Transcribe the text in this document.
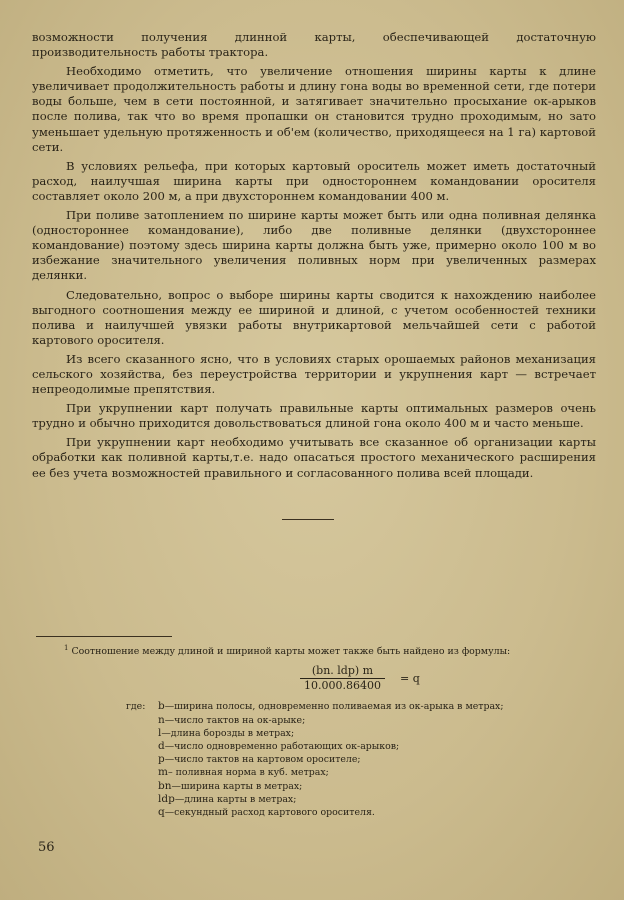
возможности получения длинной карты, обеспечивающей достаточную производительность работы трактора.

Необходимо отметить, что увеличение отношения ширины карты к длине увеличивает продолжительность работы и длину гона воды во временной сети, где потери воды больше, чем в сети постоянной, и затягивает значительно просыхание ок-арыков после полива, так что во время пропашки он становится трудно проходимым, но зато уменьшает удельную протяженность и об'ем (количество, приходящееся на 1 га) картовой сети.

В условиях рельефа, при которых картовый ороситель может иметь достаточный расход, наилучшая ширина карты при одностороннем командовании оросителя составляет около 200 м, а при двухстороннем командовании 400 м.

При поливе затоплением по ширине карты может быть или одна поливная делянка (одностороннее командование), либо две поливные делянки (двухстороннее командование) поэтому здесь ширина карты должна быть уже, примерно около 100 м во избежание значительного увеличения поливных норм при увеличенных размерах делянки.

Следовательно, вопрос о выборе ширины карты сводится к нахождению наиболее выгодного соотношения между ее шириной и длиной, с учетом особенностей техники полива и наилучшей увязки работы внутрикартовой мельчайшей сети с работой картового оросителя.

Из всего сказанного ясно, что в условиях старых орошаемых районов механизация сельского хозяйства, без переустройства территории и укрупнения карт — встречает непреодолимые препятствия.

При укрупнении карт получать правильные карты оптимальных размеров очень трудно и обычно приходится довольствоваться длиной гона около 400 м и часто меньше.

При укрупнении карт необходимо учитывать все сказанное об организации карты обработки как поливной карты,т.е. надо опасаться простого механического расширения ее без учета возможностей правильного и согласованного полива всей площади.

$^1$ Соотношение между длиной и шириной карты может также быть найдено из формулы:

(bn. ldp) m
10.000.86400
= q
где: b—ширина полосы, одновременно поливаемая из ок-арыка в метрах;
n—число тактов на ок-арыке;
l—длина борозды в метрах;
d—число одновременно работающих ок-арыков;
p—число тактов на картовом оросителе;
m– поливная норма в куб. метрах;
bn—ширина карты в метрах;
ldp—длина карты в метрах;
q—секундный расход картового оросителя.
56
